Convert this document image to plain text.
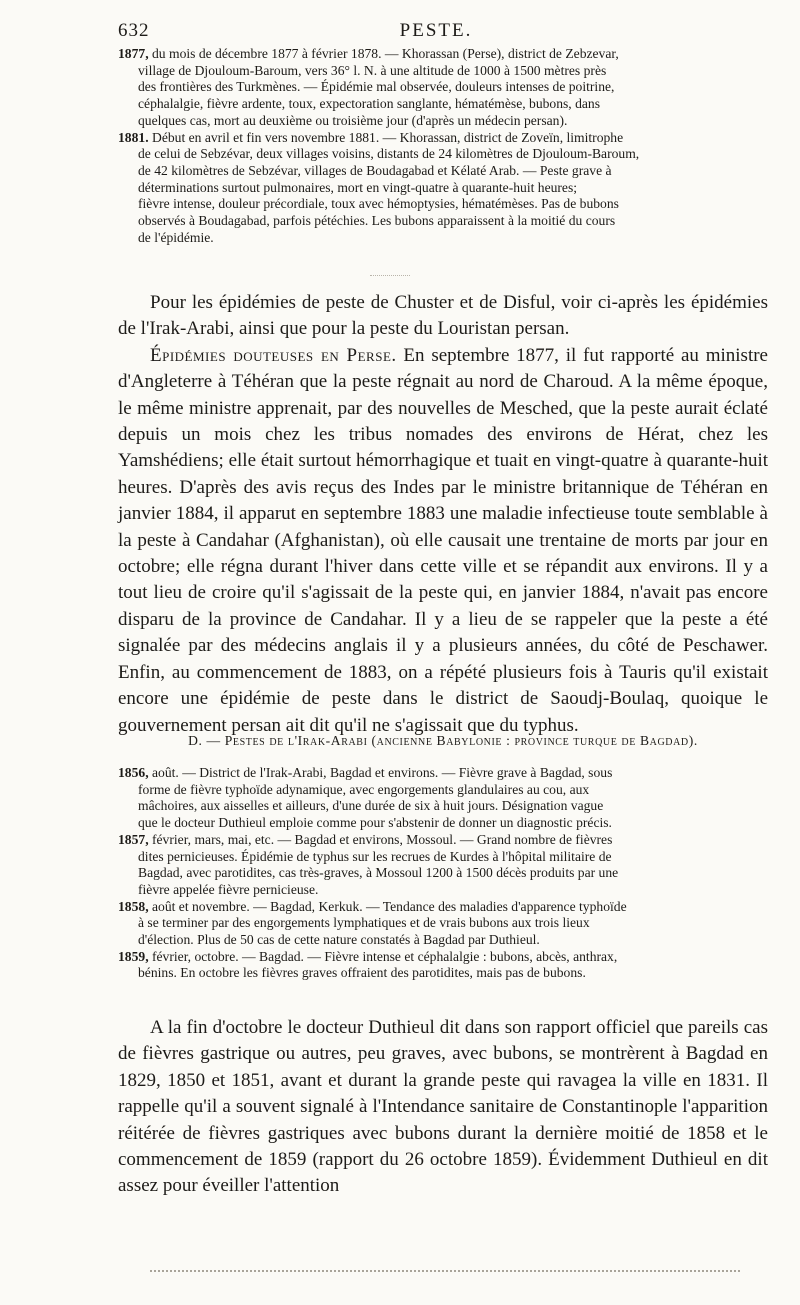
632	PESTE.
1877, du mois de décembre 1877 à février 1878. — Khorassan (Perse), district de Zebzevar,
village de Djouloum-Baroum, vers 36° l. N. à une altitude de 1000 à 1500 mètres près
des frontières des Turkmènes. — Épidémie mal observée, douleurs intenses de poitrine,
céphalalgie, fièvre ardente, toux, expectoration sanglante, hématémèse, bubons, dans
quelques cas, mort au deuxième ou troisième jour (d'après un médecin persan).
1881. Début en avril et fin vers novembre 1881. — Khorassan, district de Zoveïn, limitrophe
de celui de Sebzévar, deux villages voisins, distants de 24 kilomètres de Djouloum-Baroum,
de 42 kilomètres de Sebzévar, villages de Boudagabad et Kélaté Arab. — Peste grave à
déterminations surtout pulmonaires, mort en vingt-quatre à quarante-huit heures;
fièvre intense, douleur précordiale, toux avec hémoptysies, hématémèses. Pas de bubons
observés à Boudagabad, parfois pétéchies. Les bubons apparaissent à la moitié du cours
de l'épidémie.

Pour les épidémies de peste de Chuster et de Disful, voir ci-après les épidémies de l'Irak-Arabi, ainsi que pour la peste du Louristan persan.

Épidémies douteuses en Perse. En septembre 1877, il fut rapporté au ministre d'Angleterre à Téhéran que la peste régnait au nord de Charoud. A la même époque, le même ministre apprenait, par des nouvelles de Mesched, que la peste aurait éclaté depuis un mois chez les tribus nomades des environs de Hérat, chez les Yamshédiens; elle était surtout hémorrhagique et tuait en vingt-quatre à quarante-huit heures. D'après des avis reçus des Indes par le ministre britannique de Téhéran en janvier 1884, il apparut en septembre 1883 une maladie infectieuse toute semblable à la peste à Candahar (Afghanistan), où elle causait une trentaine de morts par jour en octobre; elle régna durant l'hiver dans cette ville et se répandit aux environs. Il y a tout lieu de croire qu'il s'agissait de la peste qui, en janvier 1884, n'avait pas encore disparu de la province de Candahar. Il y a lieu de se rappeler que la peste a été signalée par des médecins anglais il y a plusieurs années, du côté de Peschawer. Enfin, au commencement de 1883, on a répété plusieurs fois à Tauris qu'il existait encore une épidémie de peste dans le district de Saoudj-Boulaq, quoique le gouvernement persan ait dit qu'il ne s'agissait que du typhus.

D. — Pestes de l'Irak-Arabi (ancienne Babylonie : province turque de Bagdad).
1856, août. — District de l'Irak-Arabi, Bagdad et environs. — Fièvre grave à Bagdad, sous
forme de fièvre typhoïde adynamique, avec engorgements glandulaires au cou, aux
mâchoires, aux aisselles et ailleurs, d'une durée de six à huit jours. Désignation vague
que le docteur Duthieul emploie comme pour s'abstenir de donner un diagnostic précis.
1857, février, mars, mai, etc. — Bagdad et environs, Mossoul. — Grand nombre de fièvres
dites pernicieuses. Épidémie de typhus sur les recrues de Kurdes à l'hôpital militaire de
Bagdad, avec parotidites, cas très-graves, à Mossoul 1200 à 1500 décès produits par une
fièvre appelée fièvre pernicieuse.
1858, août et novembre. — Bagdad, Kerkuk. — Tendance des maladies d'apparence typhoïde
à se terminer par des engorgements lymphatiques et de vrais bubons aux trois lieux
d'élection. Plus de 50 cas de cette nature constatés à Bagdad par Duthieul.
1859, février, octobre. — Bagdad. — Fièvre intense et céphalalgie : bubons, abcès, anthrax,
bénins. En octobre les fièvres graves offraient des parotidites, mais pas de bubons.

A la fin d'octobre le docteur Duthieul dit dans son rapport officiel que pareils cas de fièvres gastrique ou autres, peu graves, avec bubons, se montrèrent à Bagdad en 1829, 1850 et 1851, avant et durant la grande peste qui ravagea la ville en 1831. Il rappelle qu'il a souvent signalé à l'Intendance sanitaire de Constantinople l'apparition réitérée de fièvres gastriques avec bubons durant la dernière moitié de 1858 et le commencement de 1859 (rapport du 26 octobre 1859). Évidemment Duthieul en dit assez pour éveiller l'attention
